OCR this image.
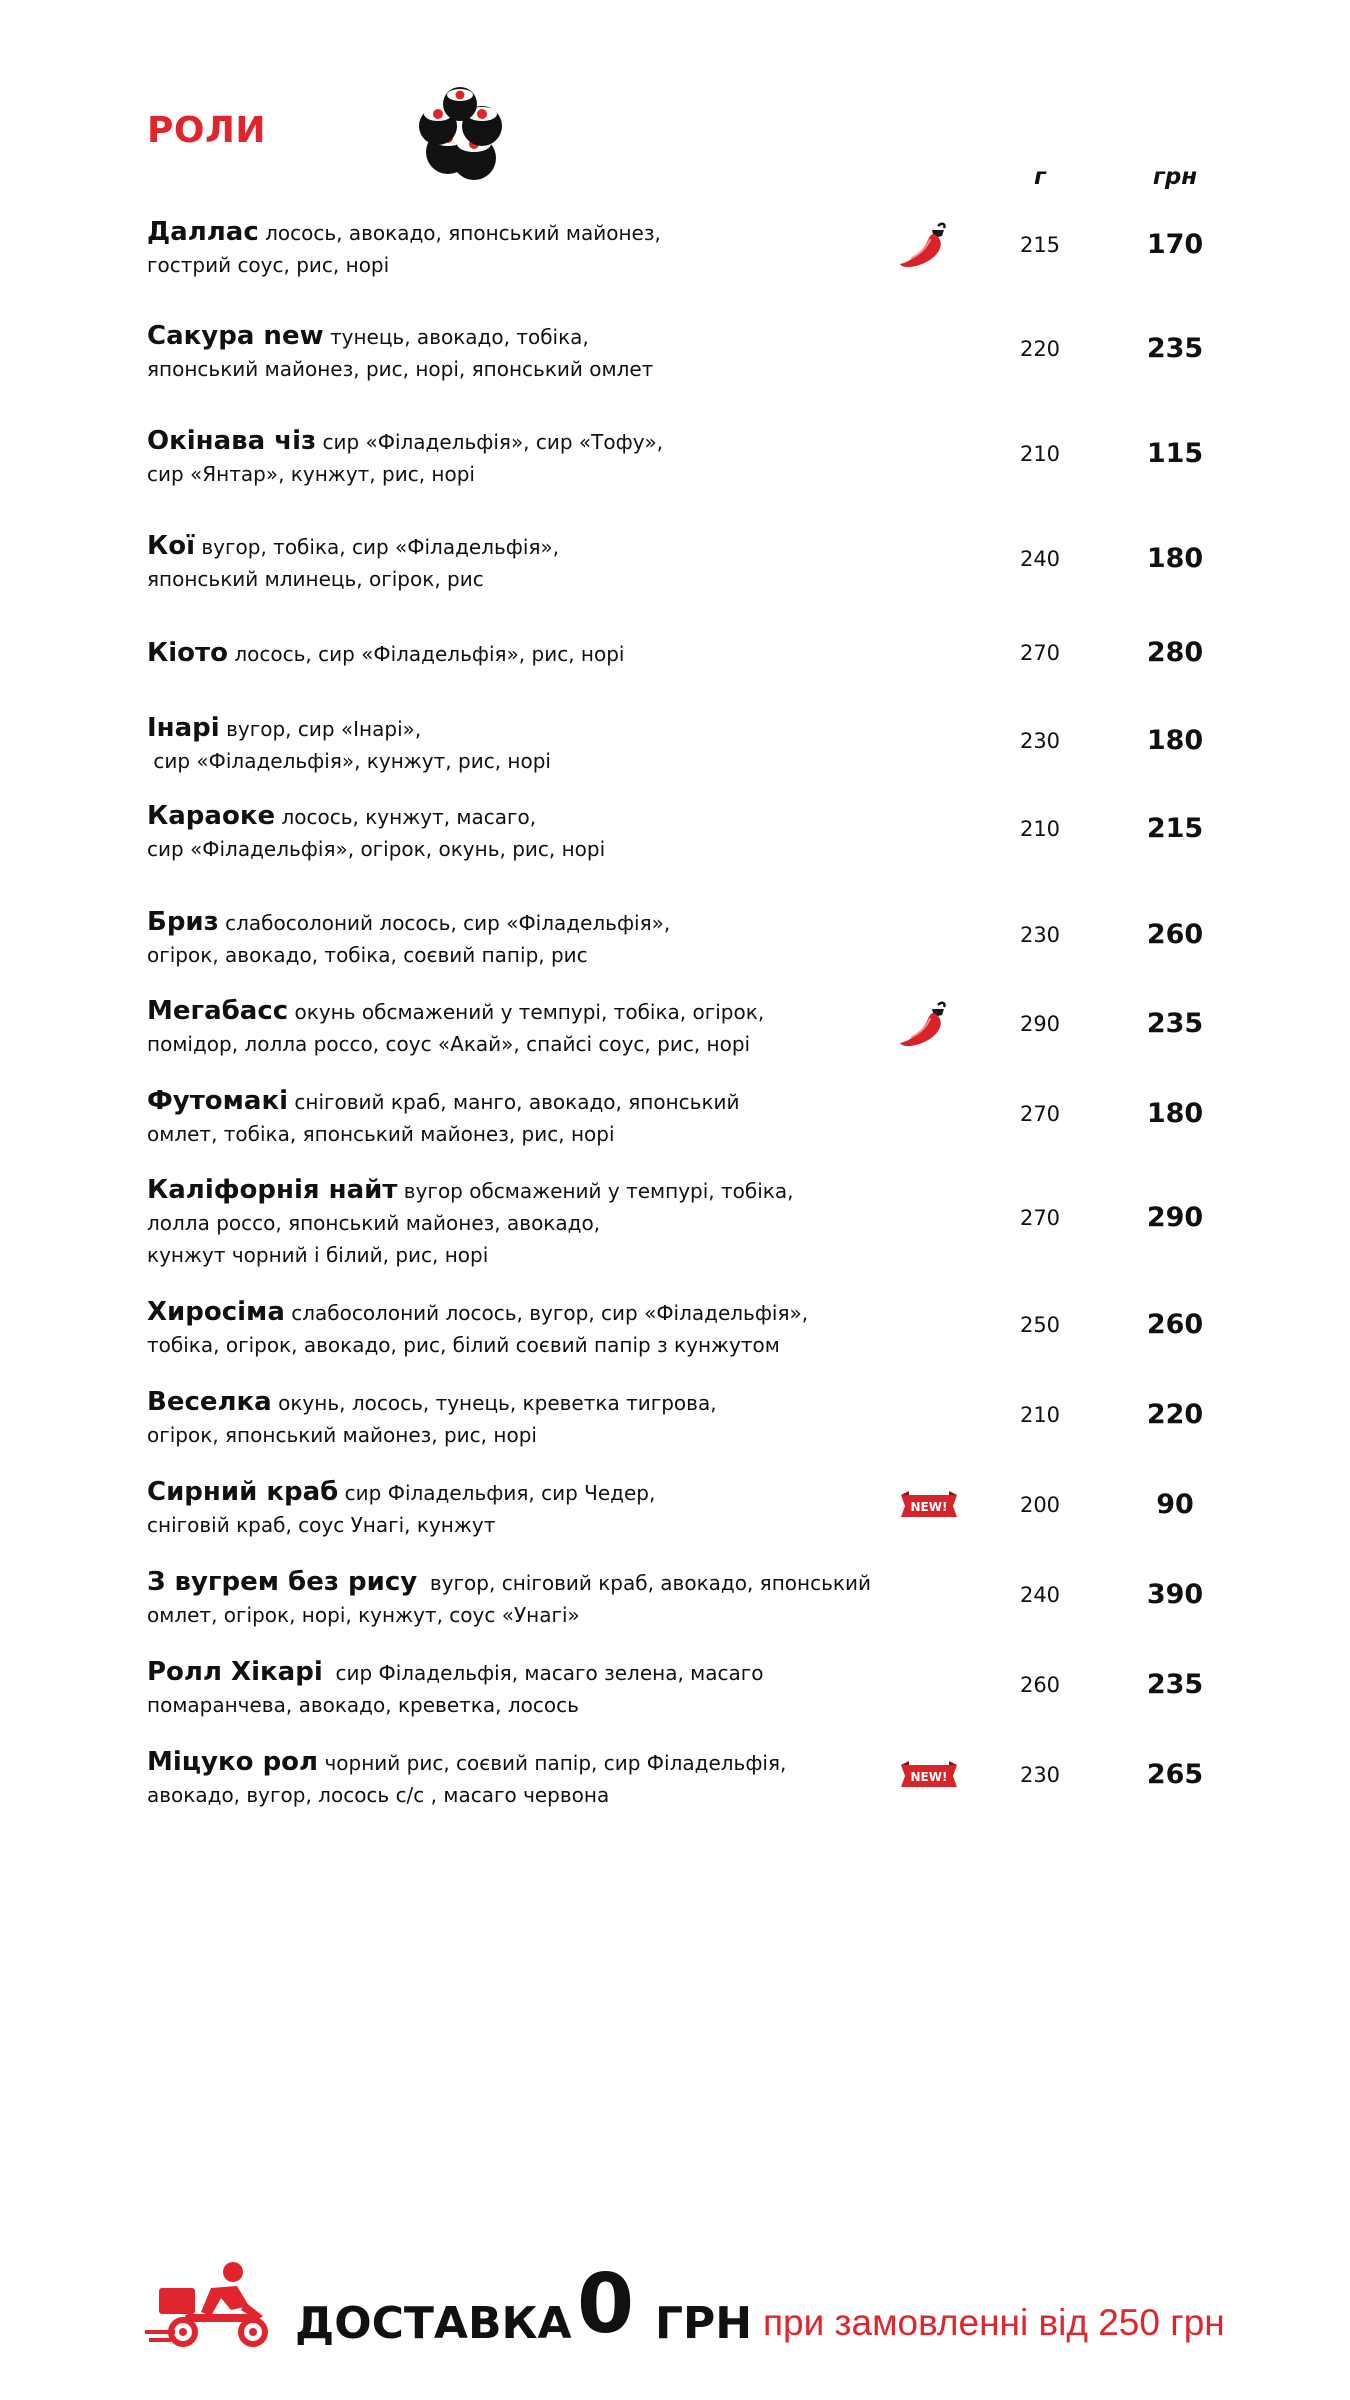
РОЛИ
г	грн
Даллас лосось, авокадо, японський майонез,
гострий соус, рис, норі
215	170
Сакура new тунець, авокадо, тобіка,
японський майонез, рис, норі, японський омлет
220	235
Окінава чіз сир «Філадельфія», сир «Тофу»,
сир «Янтар», кунжут, рис, норі
210	115
Кої вугор, тобіка, сир «Філадельфія»,
японський млинець, огірок, рис
240	180
Кіото лосось, сир «Філадельфія», рис, норі	270	280
Інарі вугор, сир «Інарі»,
сир «Філадельфія», кунжут, рис, норі
230	180
Караоке лосось, кунжут, масаго,
сир «Філадельфія», огірок, окунь, рис, норі
210	215
Бриз слабосолоний лосось, сир «Філадельфія»,
огірок, авокадо, тобіка, соєвий папір, рис
230	260
Мегабасс окунь обсмажений у темпурі, тобіка, огірок,
помідор, лолла россо, соус «Акай», спайсі соус, рис, норі
290	235
Футомакі сніговий краб, манго, авокадо, японський
омлет, тобіка, японський майонез, рис, норі
270	180
Каліфорнія найт вугор обсмажений у темпурі, тобіка,
лолла россо, японський майонез, авокадо,
кунжут чорний і білий, рис, норі
270	290
Хиросіма слабосолоний лосось, вугор, сир «Філадельфія»,
тобіка, огірок, авокадо, рис, білий соєвий папір з кунжутом
250	260
Веселка окунь, лосось, тунець, креветка тигрова,
огірок, японський майонез, рис, норі
210	220
Сирний краб сир Філадельфия, сир Чедер,
сніговій краб, соус Унагі, кунжут
200	90
NEW!
З вугрем без рису  вугор, сніговий краб, авокадо, японський
омлет, огірок, норі, кунжут, соус «Унагі»
240	390
Ролл Хікарі  сир Філадельфія, масаго зелена, масаго
помаранчева, авокадо, креветка, лосось
260	235
Міцуко рол чорний рис, соєвий папір, сир Філадельфія,
авокадо, вугор, лосось с/с , масаго червона
230	265
NEW!
ДОСТАВКА 0 ГРН при замовленні від 250 грн
